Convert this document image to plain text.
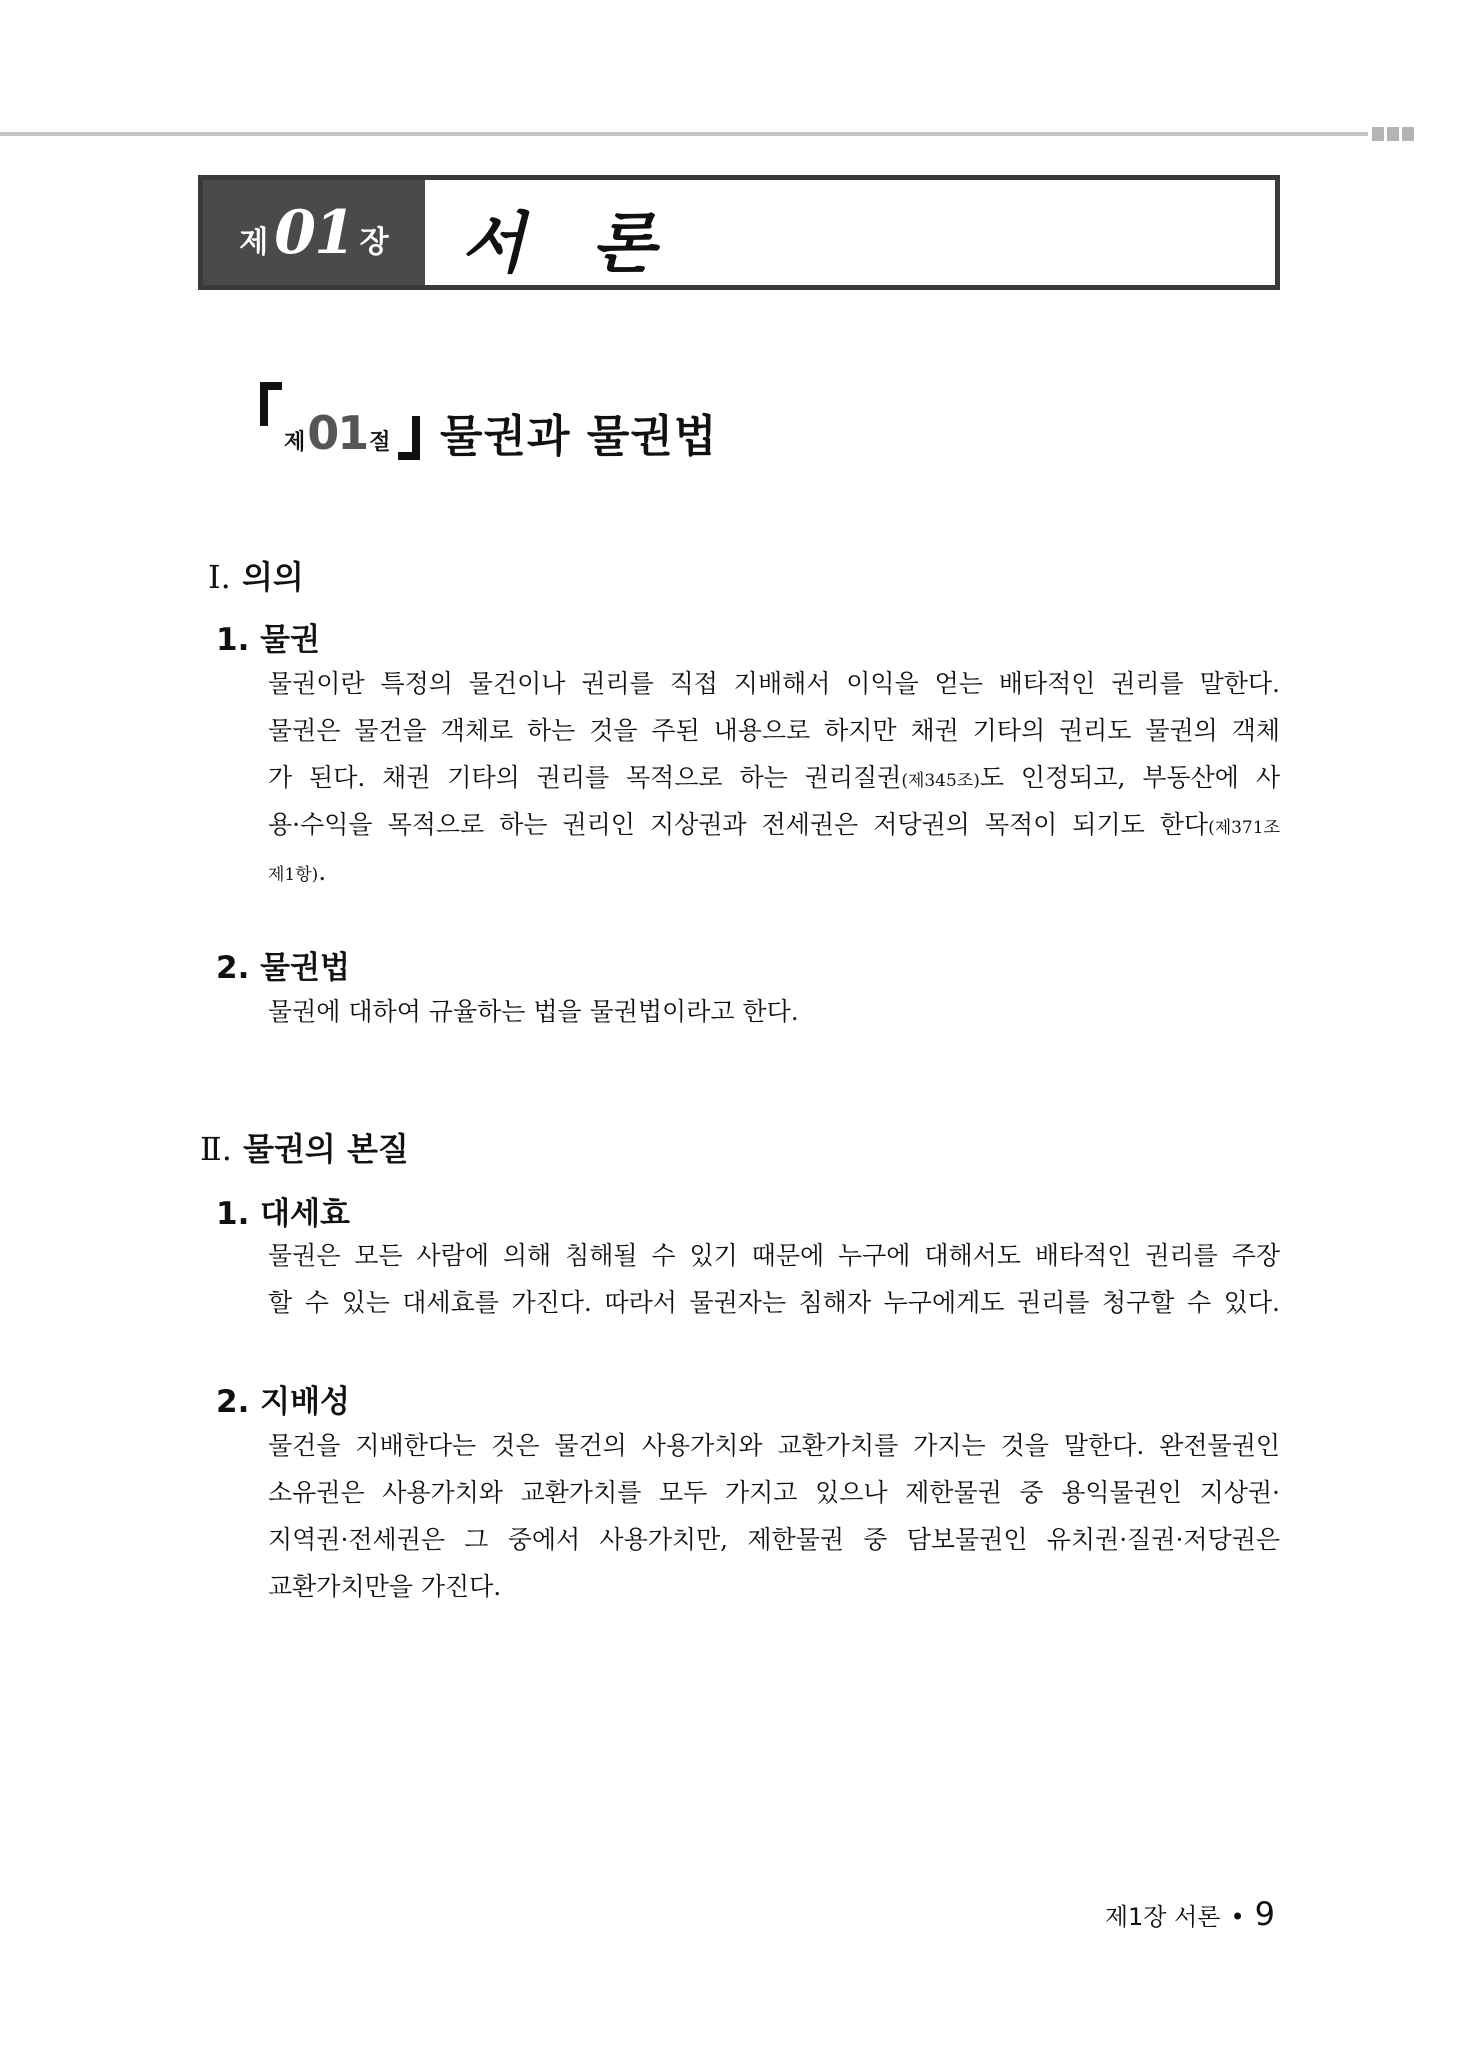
제 01 장 서 론
제 01 절 물권과 물권법
Ⅰ. 의의
1. 물권
물권이란 특정의 물건이나 권리를 직접 지배해서 이익을 얻는 배타적인 권리를 말한다.
물권은 물건을 객체로 하는 것을 주된 내용으로 하지만 채권 기타의 권리도 물권의 객체
가 된다. 채권 기타의 권리를 목적으로 하는 권리질권(제345조)도 인정되고, 부동산에 사
용·수익을 목적으로 하는 권리인 지상권과 전세권은 저당권의 목적이 되기도 한다(제371조
제1항).
2. 물권법
물권에 대하여 규율하는 법을 물권법이라고 한다.
Ⅱ. 물권의 본질
1. 대세효
물권은 모든 사람에 의해 침해될 수 있기 때문에 누구에 대해서도 배타적인 권리를 주장
할 수 있는 대세효를 가진다. 따라서 물권자는 침해자 누구에게도 권리를 청구할 수 있다.
2. 지배성
물건을 지배한다는 것은 물건의 사용가치와 교환가치를 가지는 것을 말한다. 완전물권인
소유권은 사용가치와 교환가치를 모두 가지고 있으나 제한물권 중 용익물권인 지상권·
지역권·전세권은 그 중에서 사용가치만, 제한물권 중 담보물권인 유치권·질권·저당권은
교환가치만을 가진다.
제1장 서론 • 9
